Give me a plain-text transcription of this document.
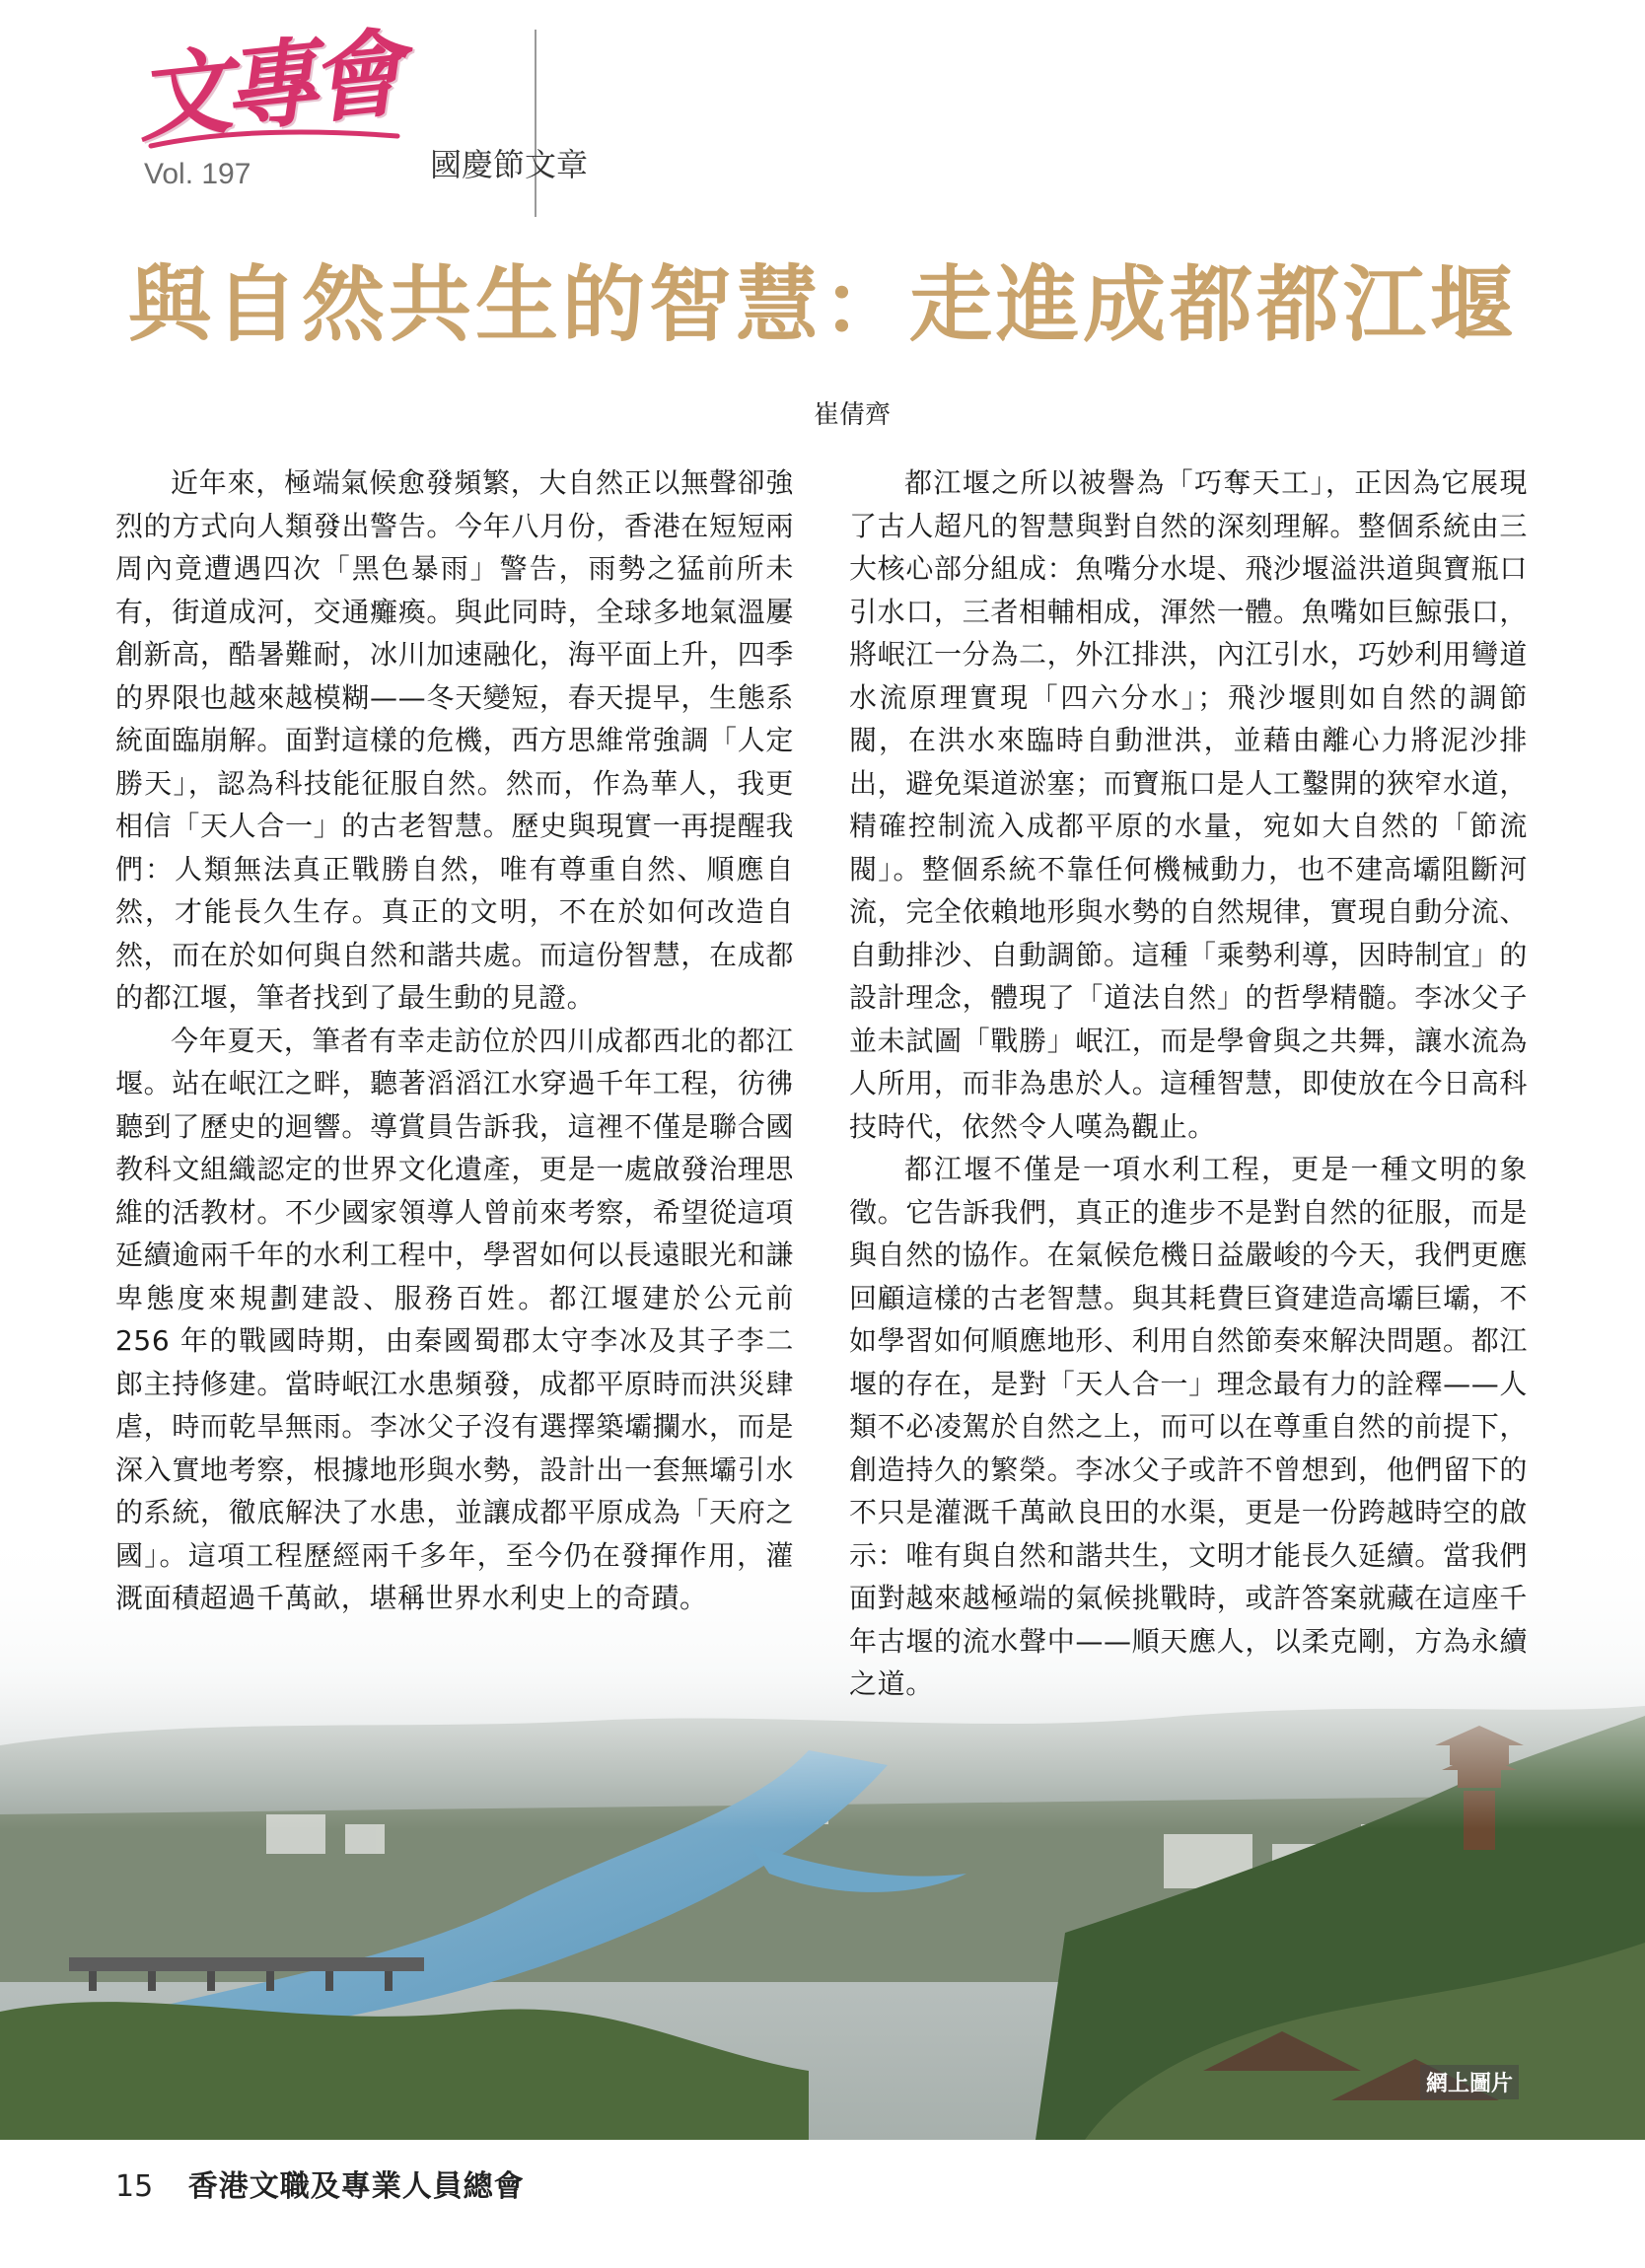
文專會
Vol. 197	國慶節文章
與自然共生的智慧：走進成都都江堰
崔倩齊
網上圖片

近年來，極端氣候愈發頻繁，大自然正以無聲卻強烈的方式向人類發出警告。今年八月份，香港在短短兩周內竟遭遇四次「黑色暴雨」警告，雨勢之猛前所未有，街道成河，交通癱瘓。與此同時，全球多地氣溫屢創新高，酷暑難耐，冰川加速融化，海平面上升，四季的界限也越來越模糊——冬天變短，春天提早，生態系統面臨崩解。面對這樣的危機，西方思維常強調「人定勝天」，認為科技能征服自然。然而，作為華人，我更相信「天人合一」的古老智慧。歷史與現實一再提醒我們：人類無法真正戰勝自然，唯有尊重自然、順應自然，才能長久生存。真正的文明，不在於如何改造自然，而在於如何與自然和諧共處。而這份智慧，在成都的都江堰，筆者找到了最生動的見證。

今年夏天，筆者有幸走訪位於四川成都西北的都江堰。站在岷江之畔，聽著滔滔江水穿過千年工程，彷彿聽到了歷史的迴響。導賞員告訴我，這裡不僅是聯合國教科文組織認定的世界文化遺產，更是一處啟發治理思維的活教材。不少國家領導人曾前來考察，希望從這項延續逾兩千年的水利工程中，學習如何以長遠眼光和謙卑態度來規劃建設、服務百姓。都江堰建於公元前 256 年的戰國時期，由秦國蜀郡太守李冰及其子李二郎主持修建。當時岷江水患頻發，成都平原時而洪災肆虐，時而乾旱無雨。李冰父子沒有選擇築壩攔水，而是深入實地考察，根據地形與水勢，設計出一套無壩引水的系統，徹底解決了水患，並讓成都平原成為「天府之國」。這項工程歷經兩千多年，至今仍在發揮作用，灌溉面積超過千萬畝，堪稱世界水利史上的奇蹟。

都江堰之所以被譽為「巧奪天工」，正因為它展現了古人超凡的智慧與對自然的深刻理解。整個系統由三大核心部分組成：魚嘴分水堤、飛沙堰溢洪道與寶瓶口引水口，三者相輔相成，渾然一體。魚嘴如巨鯨張口，將岷江一分為二，外江排洪，內江引水，巧妙利用彎道水流原理實現「四六分水」；飛沙堰則如自然的調節閥，在洪水來臨時自動泄洪，並藉由離心力將泥沙排出，避免渠道淤塞；而寶瓶口是人工鑿開的狹窄水道，精確控制流入成都平原的水量，宛如大自然的「節流閥」。整個系統不靠任何機械動力，也不建高壩阻斷河流，完全依賴地形與水勢的自然規律，實現自動分流、自動排沙、自動調節。這種「乘勢利導，因時制宜」的設計理念，體現了「道法自然」的哲學精髓。李冰父子並未試圖「戰勝」岷江，而是學會與之共舞，讓水流為人所用，而非為患於人。這種智慧，即使放在今日高科技時代，依然令人嘆為觀止。

都江堰不僅是一項水利工程，更是一種文明的象徵。它告訴我們，真正的進步不是對自然的征服，而是與自然的協作。在氣候危機日益嚴峻的今天，我們更應回顧這樣的古老智慧。與其耗費巨資建造高壩巨壩，不如學習如何順應地形、利用自然節奏來解決問題。都江堰的存在，是對「天人合一」理念最有力的詮釋——人類不必凌駕於自然之上，而可以在尊重自然的前提下，創造持久的繁榮。李冰父子或許不曾想到，他們留下的不只是灌溉千萬畝良田的水渠，更是一份跨越時空的啟示：唯有與自然和諧共生，文明才能長久延續。當我們面對越來越極端的氣候挑戰時，或許答案就藏在這座千年古堰的流水聲中——順天應人，以柔克剛，方為永續之道。

15 香港文職及專業人員總會
